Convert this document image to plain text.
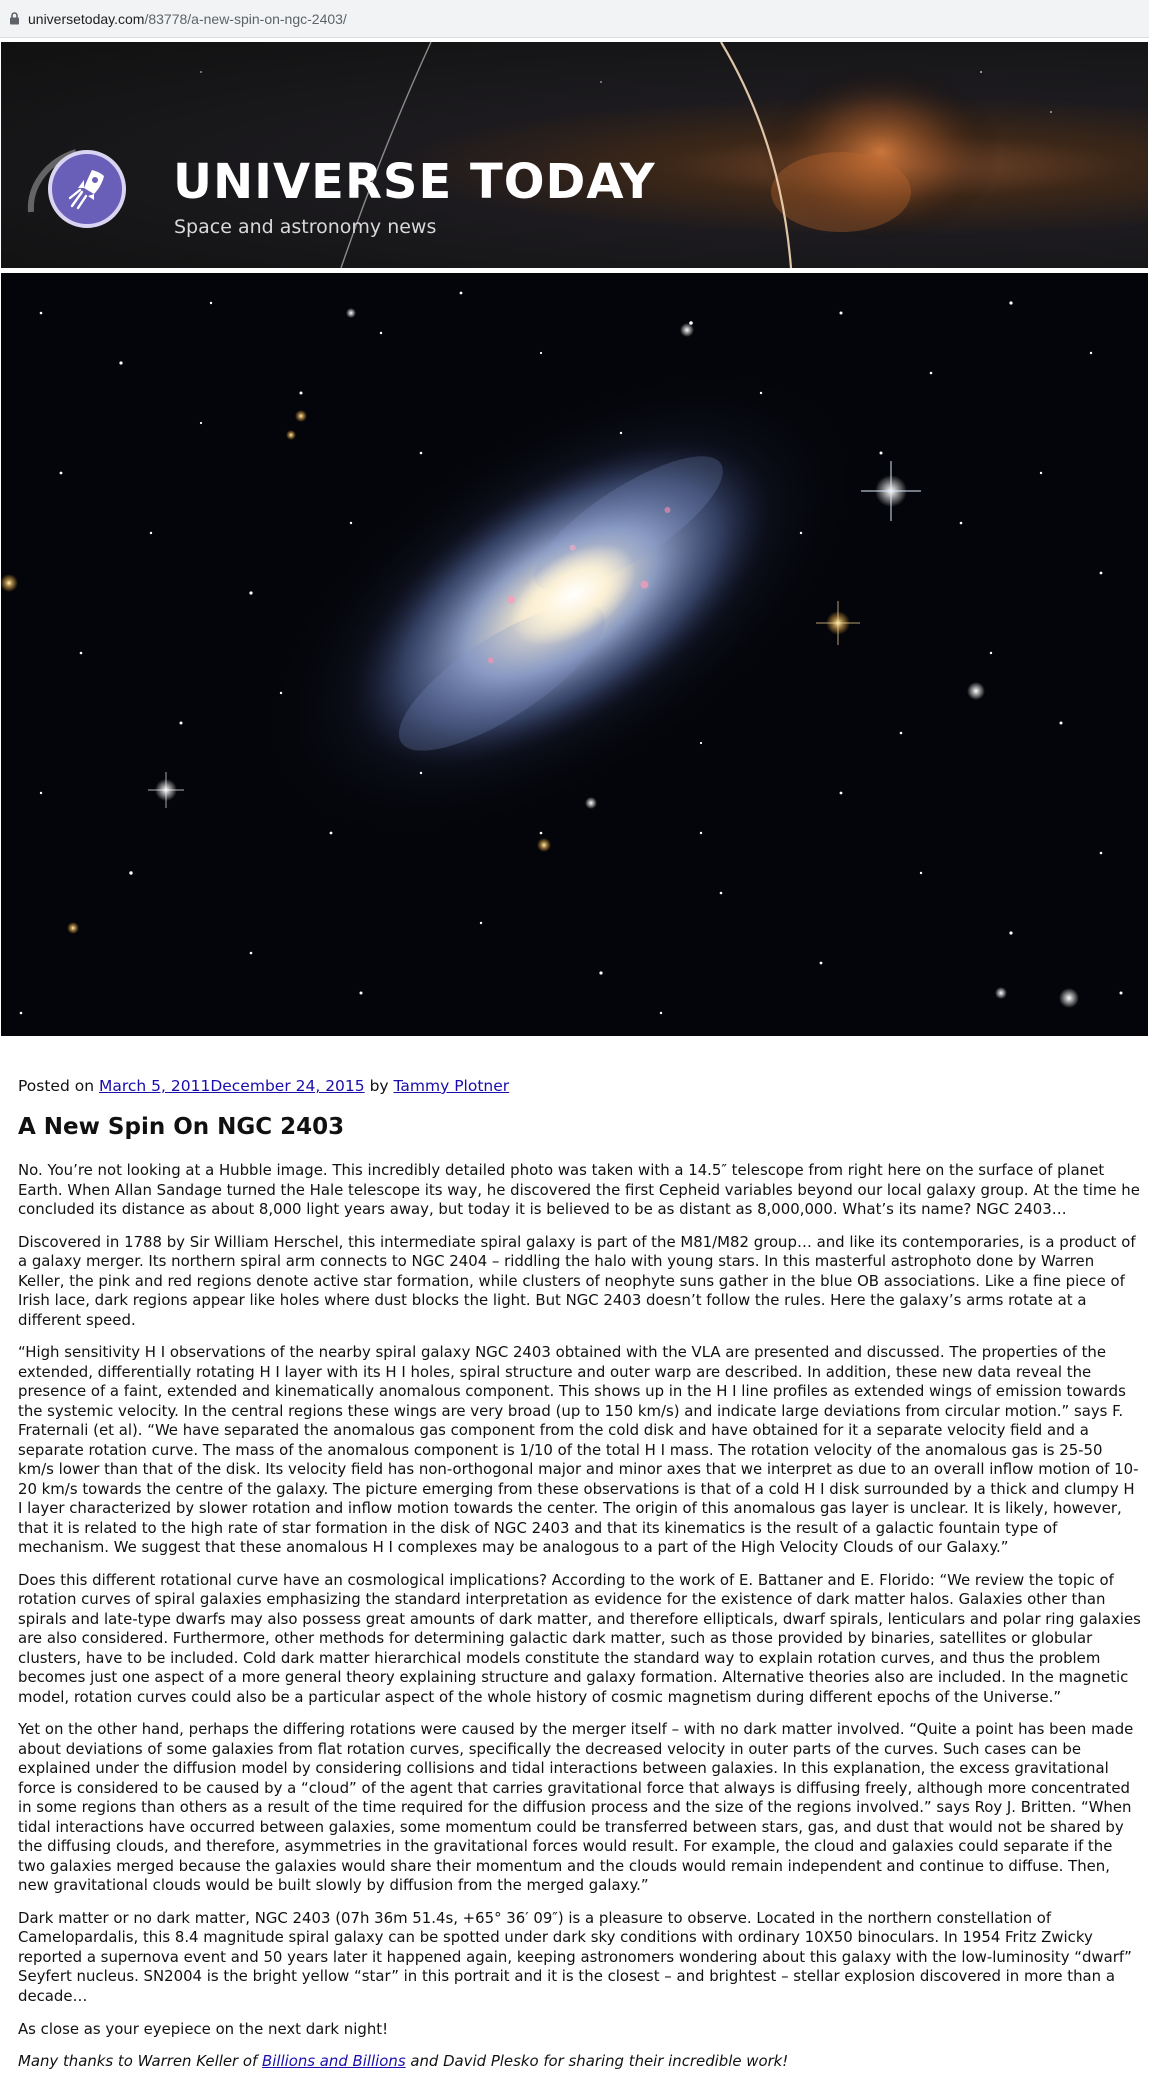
universetoday.com/83778/a-new-spin-on-ngc-2403/
UNIVERSE TODAY
Space and astronomy news

Posted on March 5, 2011December 24, 2015 by Tammy Plotner

A New Spin On NGC 2403

No. You’re not looking at a Hubble image. This incredibly detailed photo was taken with a 14.5″ telescope from right here on the surface of planet Earth. When Allan Sandage turned the Hale telescope its way, he discovered the first Cepheid variables beyond our local galaxy group. At the time he concluded its distance as about 8,000 light years away, but today it is believed to be as distant as 8,000,000. What’s its name? NGC 2403…

Discovered in 1788 by Sir William Herschel, this intermediate spiral galaxy is part of the M81/M82 group… and like its contemporaries, is a product of a galaxy merger. Its northern spiral arm connects to NGC 2404 – riddling the halo with young stars. In this masterful astrophoto done by Warren Keller, the pink and red regions denote active star formation, while clusters of neophyte suns gather in the blue OB associations. Like a fine piece of Irish lace, dark regions appear like holes where dust blocks the light. But NGC 2403 doesn’t follow the rules. Here the galaxy’s arms rotate at a different speed.

“High sensitivity H I observations of the nearby spiral galaxy NGC 2403 obtained with the VLA are presented and discussed. The properties of the extended, differentially rotating H I layer with its H I holes, spiral structure and outer warp are described. In addition, these new data reveal the presence of a faint, extended and kinematically anomalous component. This shows up in the H I line profiles as extended wings of emission towards the systemic velocity. In the central regions these wings are very broad (up to 150 km/s) and indicate large deviations from circular motion.” says F. Fraternali (et al). “We have separated the anomalous gas component from the cold disk and have obtained for it a separate velocity field and a separate rotation curve. The mass of the anomalous component is 1/10 of the total H I mass. The rotation velocity of the anomalous gas is 25-50 km/s lower than that of the disk. Its velocity field has non-orthogonal major and minor axes that we interpret as due to an overall inflow motion of 10-20 km/s towards the centre of the galaxy. The picture emerging from these observations is that of a cold H I disk surrounded by a thick and clumpy H I layer characterized by slower rotation and inflow motion towards the center. The origin of this anomalous gas layer is unclear. It is likely, however, that it is related to the high rate of star formation in the disk of NGC 2403 and that its kinematics is the result of a galactic fountain type of mechanism. We suggest that these anomalous H I complexes may be analogous to a part of the High Velocity Clouds of our Galaxy.”

Does this different rotational curve have an cosmological implications? According to the work of E. Battaner and E. Florido: “We review the topic of rotation curves of spiral galaxies emphasizing the standard interpretation as evidence for the existence of dark matter halos. Galaxies other than spirals and late-type dwarfs may also possess great amounts of dark matter, and therefore ellipticals, dwarf spirals, lenticulars and polar ring galaxies are also considered. Furthermore, other methods for determining galactic dark matter, such as those provided by binaries, satellites or globular clusters, have to be included. Cold dark matter hierarchical models constitute the standard way to explain rotation curves, and thus the problem becomes just one aspect of a more general theory explaining structure and galaxy formation. Alternative theories also are included. In the magnetic model, rotation curves could also be a particular aspect of the whole history of cosmic magnetism during different epochs of the Universe.”

Yet on the other hand, perhaps the differing rotations were caused by the merger itself – with no dark matter involved. “Quite a point has been made about deviations of some galaxies from flat rotation curves, specifically the decreased velocity in outer parts of the curves. Such cases can be explained under the diffusion model by considering collisions and tidal interactions between galaxies. In this explanation, the excess gravitational force is considered to be caused by a “cloud” of the agent that carries gravitational force that always is diffusing freely, although more concentrated in some regions than others as a result of the time required for the diffusion process and the size of the regions involved.” says Roy J. Britten. “When tidal interactions have occurred between galaxies, some momentum could be transferred between stars, gas, and dust that would not be shared by the diffusing clouds, and therefore, asymmetries in the gravitational forces would result. For example, the cloud and galaxies could separate if the two galaxies merged because the galaxies would share their momentum and the clouds would remain independent and continue to diffuse. Then, new gravitational clouds would be built slowly by diffusion from the merged galaxy.”

Dark matter or no dark matter, NGC 2403 (07h 36m 51.4s, +65° 36′ 09″) is a pleasure to observe. Located in the northern constellation of Camelopardalis, this 8.4 magnitude spiral galaxy can be spotted under dark sky conditions with ordinary 10X50 binoculars. In 1954 Fritz Zwicky reported a supernova event and 50 years later it happened again, keeping astronomers wondering about this galaxy with the low-luminosity “dwarf” Seyfert nucleus. SN2004 is the bright yellow “star” in this portrait and it is the closest – and brightest – stellar explosion discovered in more than a decade…

As close as your eyepiece on the next dark night!

Many thanks to Warren Keller of Billions and Billions and David Plesko for sharing their incredible work!
